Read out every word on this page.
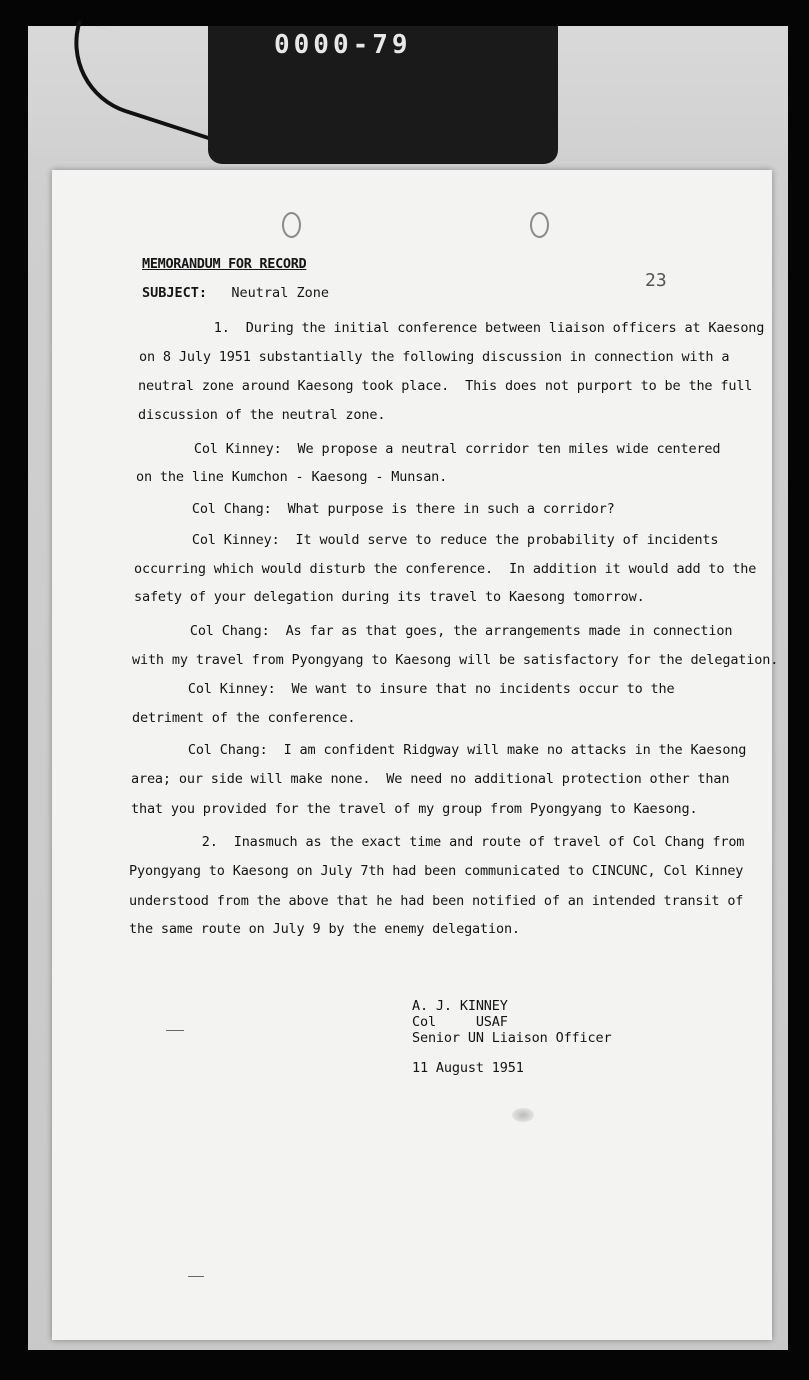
0000-79
23
MEMORANDUM FOR RECORD
SUBJECT: Neutral Zone
1.  During the initial conference between liaison officers at Kaesong
on 8 July 1951 substantially the following discussion in connection with a
neutral zone around Kaesong took place.  This does not purport to be the full
discussion of the neutral zone.
Col Kinney:  We propose a neutral corridor ten miles wide centered
on the line Kumchon - Kaesong - Munsan.
Col Chang:  What purpose is there in such a corridor?
Col Kinney:  It would serve to reduce the probability of incidents
occurring which would disturb the conference.  In addition it would add to the
safety of your delegation during its travel to Kaesong tomorrow.
Col Chang:  As far as that goes, the arrangements made in connection
with my travel from Pyongyang to Kaesong will be satisfactory for the delegation.
Col Kinney:  We want to insure that no incidents occur to the
detriment of the conference.
Col Chang:  I am confident Ridgway will make no attacks in the Kaesong
area; our side will make none.  We need no additional protection other than
that you provided for the travel of my group from Pyongyang to Kaesong.
2.  Inasmuch as the exact time and route of travel of Col Chang from
Pyongyang to Kaesong on July 7th had been communicated to CINCUNC, Col Kinney
understood from the above that he had been notified of an intended transit of
the same route on July 9 by the enemy delegation.
A. J. KINNEY
Col     USAF
Senior UN Liaison Officer
11 August 1951
